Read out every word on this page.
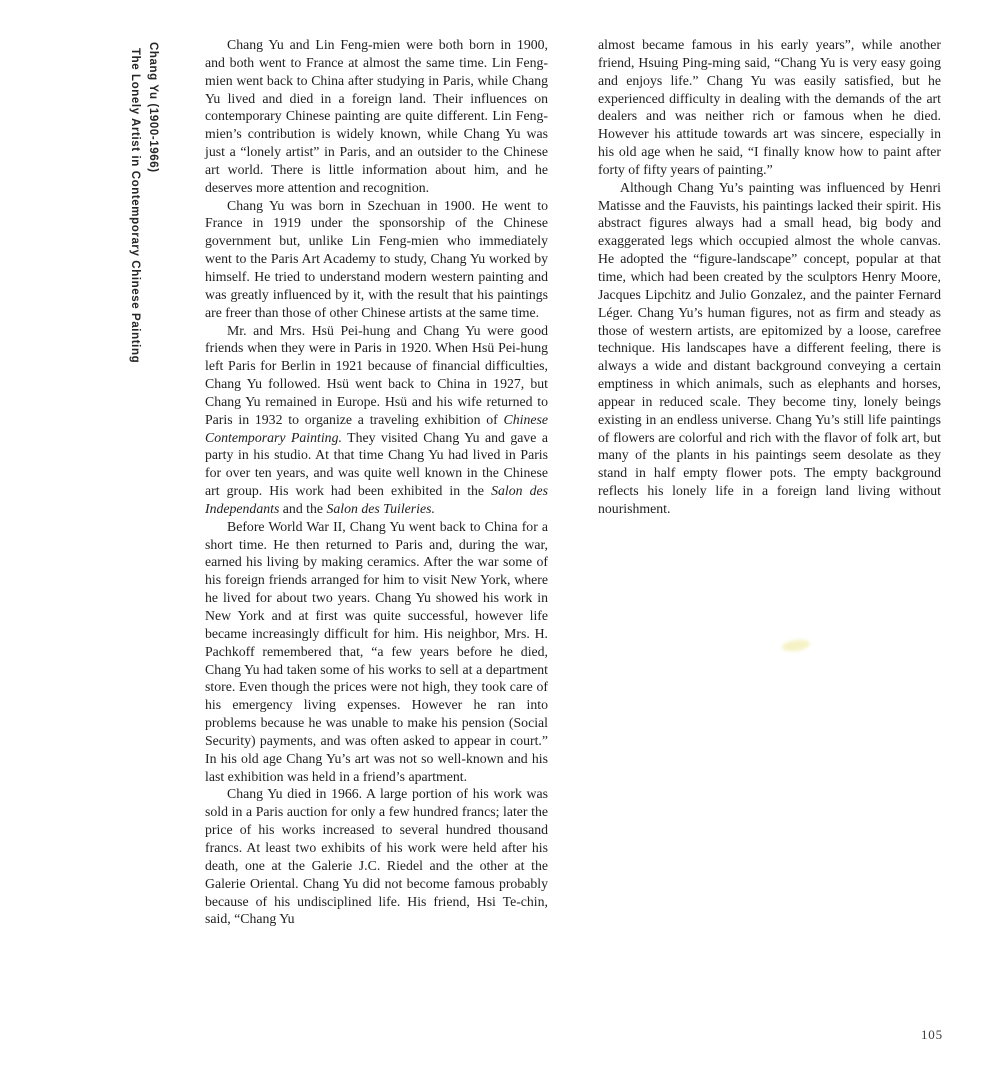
Chang Yu (1900-1966)
The Lonely Artist in Contemporary Chinese Painting

Chang Yu and Lin Feng-mien were both born in 1900, and both went to France at almost the same time. Lin Feng-mien went back to China after studying in Paris, while Chang Yu lived and died in a foreign land. Their influences on contemporary Chinese painting are quite different. Lin Feng-mien’s contribution is widely known, while Chang Yu was just a “lonely artist” in Paris, and an outsider to the Chinese art world. There is little information about him, and he deserves more attention and recognition.

Chang Yu was born in Szechuan in 1900. He went to France in 1919 under the sponsorship of the Chinese government but, unlike Lin Feng-mien who immediately went to the Paris Art Academy to study, Chang Yu worked by himself. He tried to understand modern western painting and was greatly influenced by it, with the result that his paintings are freer than those of other Chinese artists at the same time.

Mr. and Mrs. Hsü Pei-hung and Chang Yu were good friends when they were in Paris in 1920. When Hsü Pei-hung left Paris for Berlin in 1921 because of financial difficulties, Chang Yu followed. Hsü went back to China in 1927, but Chang Yu remained in Europe. Hsü and his wife returned to Paris in 1932 to organize a traveling exhibition of Chinese Contemporary Painting. They visited Chang Yu and gave a party in his studio. At that time Chang Yu had lived in Paris for over ten years, and was quite well known in the Chinese art group. His work had been exhibited in the Salon des Independants and the Salon des Tuileries.

Before World War II, Chang Yu went back to China for a short time. He then returned to Paris and, during the war, earned his living by making ceramics. After the war some of his foreign friends arranged for him to visit New York, where he lived for about two years. Chang Yu showed his work in New York and at first was quite successful, however life became increasingly difficult for him. His neighbor, Mrs. H. Pachkoff remembered that, “a few years before he died, Chang Yu had taken some of his works to sell at a department store. Even though the prices were not high, they took care of his emergency living expenses. However he ran into problems because he was unable to make his pension (Social Security) payments, and was often asked to appear in court.” In his old age Chang Yu’s art was not so well-known and his last exhibition was held in a friend’s apartment.

Chang Yu died in 1966. A large portion of his work was sold in a Paris auction for only a few hundred francs; later the price of his works increased to several hundred thousand francs. At least two exhibits of his work were held after his death, one at the Galerie J.C. Riedel and the other at the Galerie Oriental. Chang Yu did not become famous probably because of his undisciplined life. His friend, Hsi Te-chin, said, “Chang Yu

almost became famous in his early years”, while another friend, Hsuing Ping-ming said, “Chang Yu is very easy going and enjoys life.” Chang Yu was easily satisfied, but he experienced difficulty in dealing with the demands of the art dealers and was neither rich or famous when he died. However his attitude towards art was sincere, especially in his old age when he said, “I finally know how to paint after forty of fifty years of painting.”

Although Chang Yu’s painting was influenced by Henri Matisse and the Fauvists, his paintings lacked their spirit. His abstract figures always had a small head, big body and exaggerated legs which occupied almost the whole canvas. He adopted the “figure-landscape” concept, popular at that time, which had been created by the sculptors Henry Moore, Jacques Lipchitz and Julio Gonzalez, and the painter Fernard Léger. Chang Yu’s human figures, not as firm and steady as those of western artists, are epitomized by a loose, carefree technique. His landscapes have a different feeling, there is always a wide and distant background conveying a certain emptiness in which animals, such as elephants and horses, appear in reduced scale. They become tiny, lonely beings existing in an endless universe. Chang Yu’s still life paintings of flowers are colorful and rich with the flavor of folk art, but many of the plants in his paintings seem desolate as they stand in half empty flower pots. The empty background reflects his lonely life in a foreign land living without nourishment.

105
